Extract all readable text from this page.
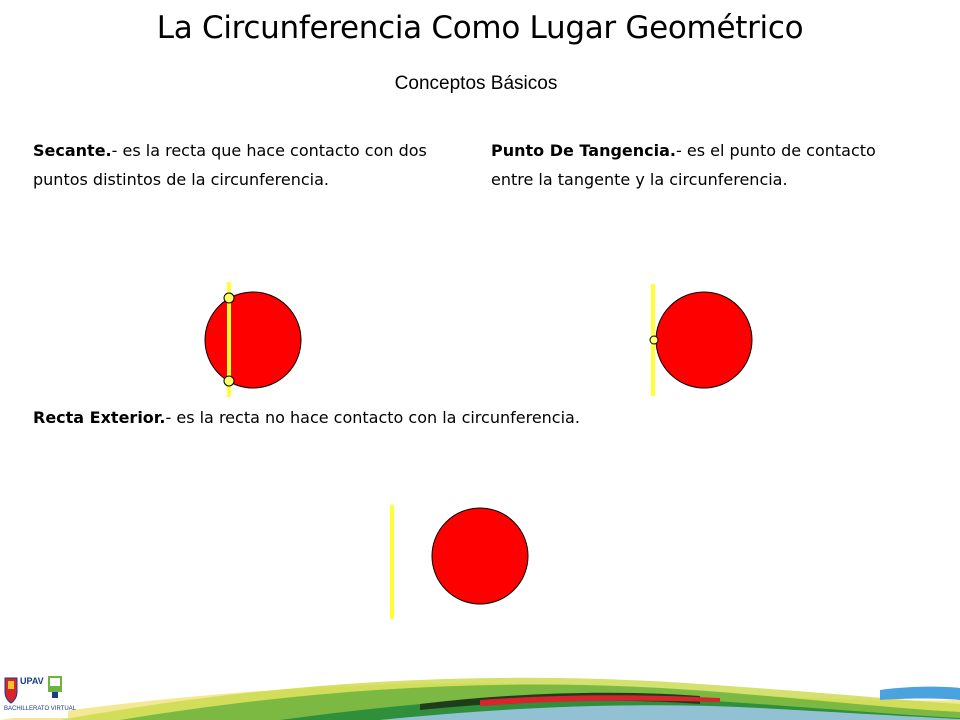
La Circunferencia Como Lugar Geométrico
Conceptos Básicos
Secante.- es la recta que hace contacto con dos puntos distintos de la circunferencia.
Punto De Tangencia.- es el punto de contacto entre la tangente y la circunferencia.
Recta Exterior.- es la recta no hace contacto con la circunferencia.
UPAV
BACHILLERATO VIRTUAL
